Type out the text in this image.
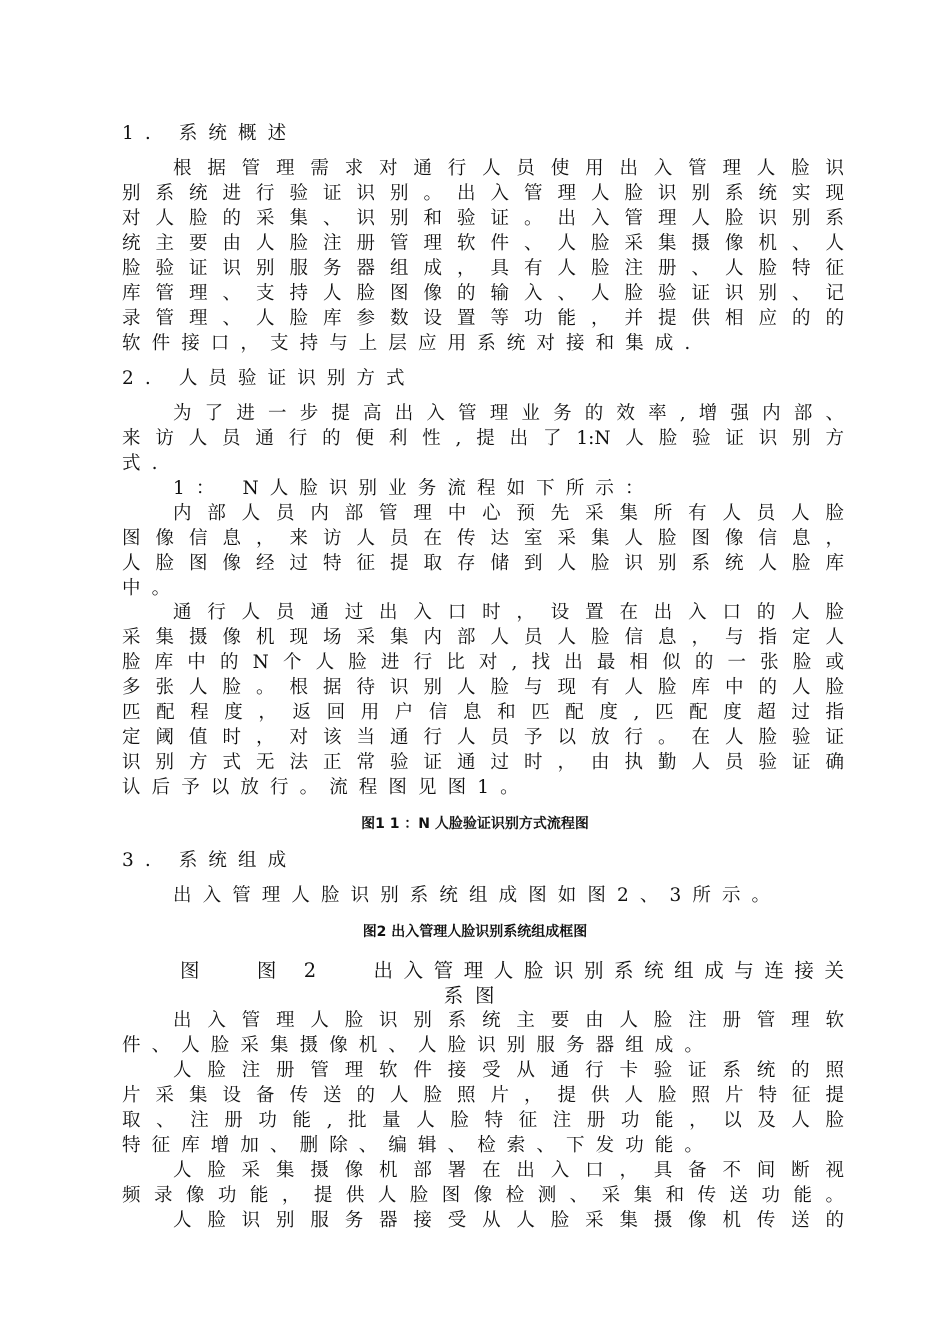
1. 系统概述
根据管理需求对通行人员使用出入管理人脸识
别系统进行验证识别。出入管理人脸识别系统实现
对人脸的采集、识别和验证。出入管理人脸识别系
统主要由人脸注册管理软件、人脸采集摄像机、人
脸验证识别服务器组成，具有人脸注册、人脸特征
库管理、支持人脸图像的输入、人脸验证识别、记
录管理、人脸库参数设置等功能，并提供相应的的
软件接口，支持与上层应用系统对接和集成.
2. 人员验证识别方式
为了进一步提高出入管理业务的效率,增强内部、
来访人员通行的便利性,提出了1:N人脸验证识别方
式.
1： N人脸识别业务流程如下所示：
内部人员内部管理中心预先采集所有人员人脸
图像信息，来访人员在传达室采集人脸图像信息，
人脸图像经过特征提取存储到人脸识别系统人脸库
中。
通行人员通过出入口时，设置在出入口的人脸
采集摄像机现场采集内部人员人脸信息，与指定人
脸库中的N个人脸进行比对,找出最相似的一张脸或
多张人脸。根据待识别人脸与现有人脸库中的人脸
匹配程度，返回用户信息和匹配度,匹配度超过指
定阈值时，对该当通行人员予以放行。在人脸验证
识别方式无法正常验证通过时，由执勤人员验证确
认后予以放行。流程图见图1。
图1 1 ：N 人脸验证识别方式流程图
3. 系统组成
出入管理人脸识别系统组成图如图2、3所示。
图2 出入管理人脸识别系统组成框图
图　 图 2　 出入管理人脸识别系统组成与连接关
系图
出入管理人脸识别系统主要由人脸注册管理软
件、人脸采集摄像机、人脸识别服务器组成。
人脸注册管理软件接受从通行卡验证系统的照
片采集设备传送的人脸照片，提供人脸照片特征提
取、注册功能,批量人脸特征注册功能，以及人脸
特征库增加、删除、编辑、检索、下发功能。
人脸采集摄像机部署在出入口，具备不间断视
频录像功能，提供人脸图像检测、采集和传送功能。
人脸识别服务器接受从人脸采集摄像机传送的
